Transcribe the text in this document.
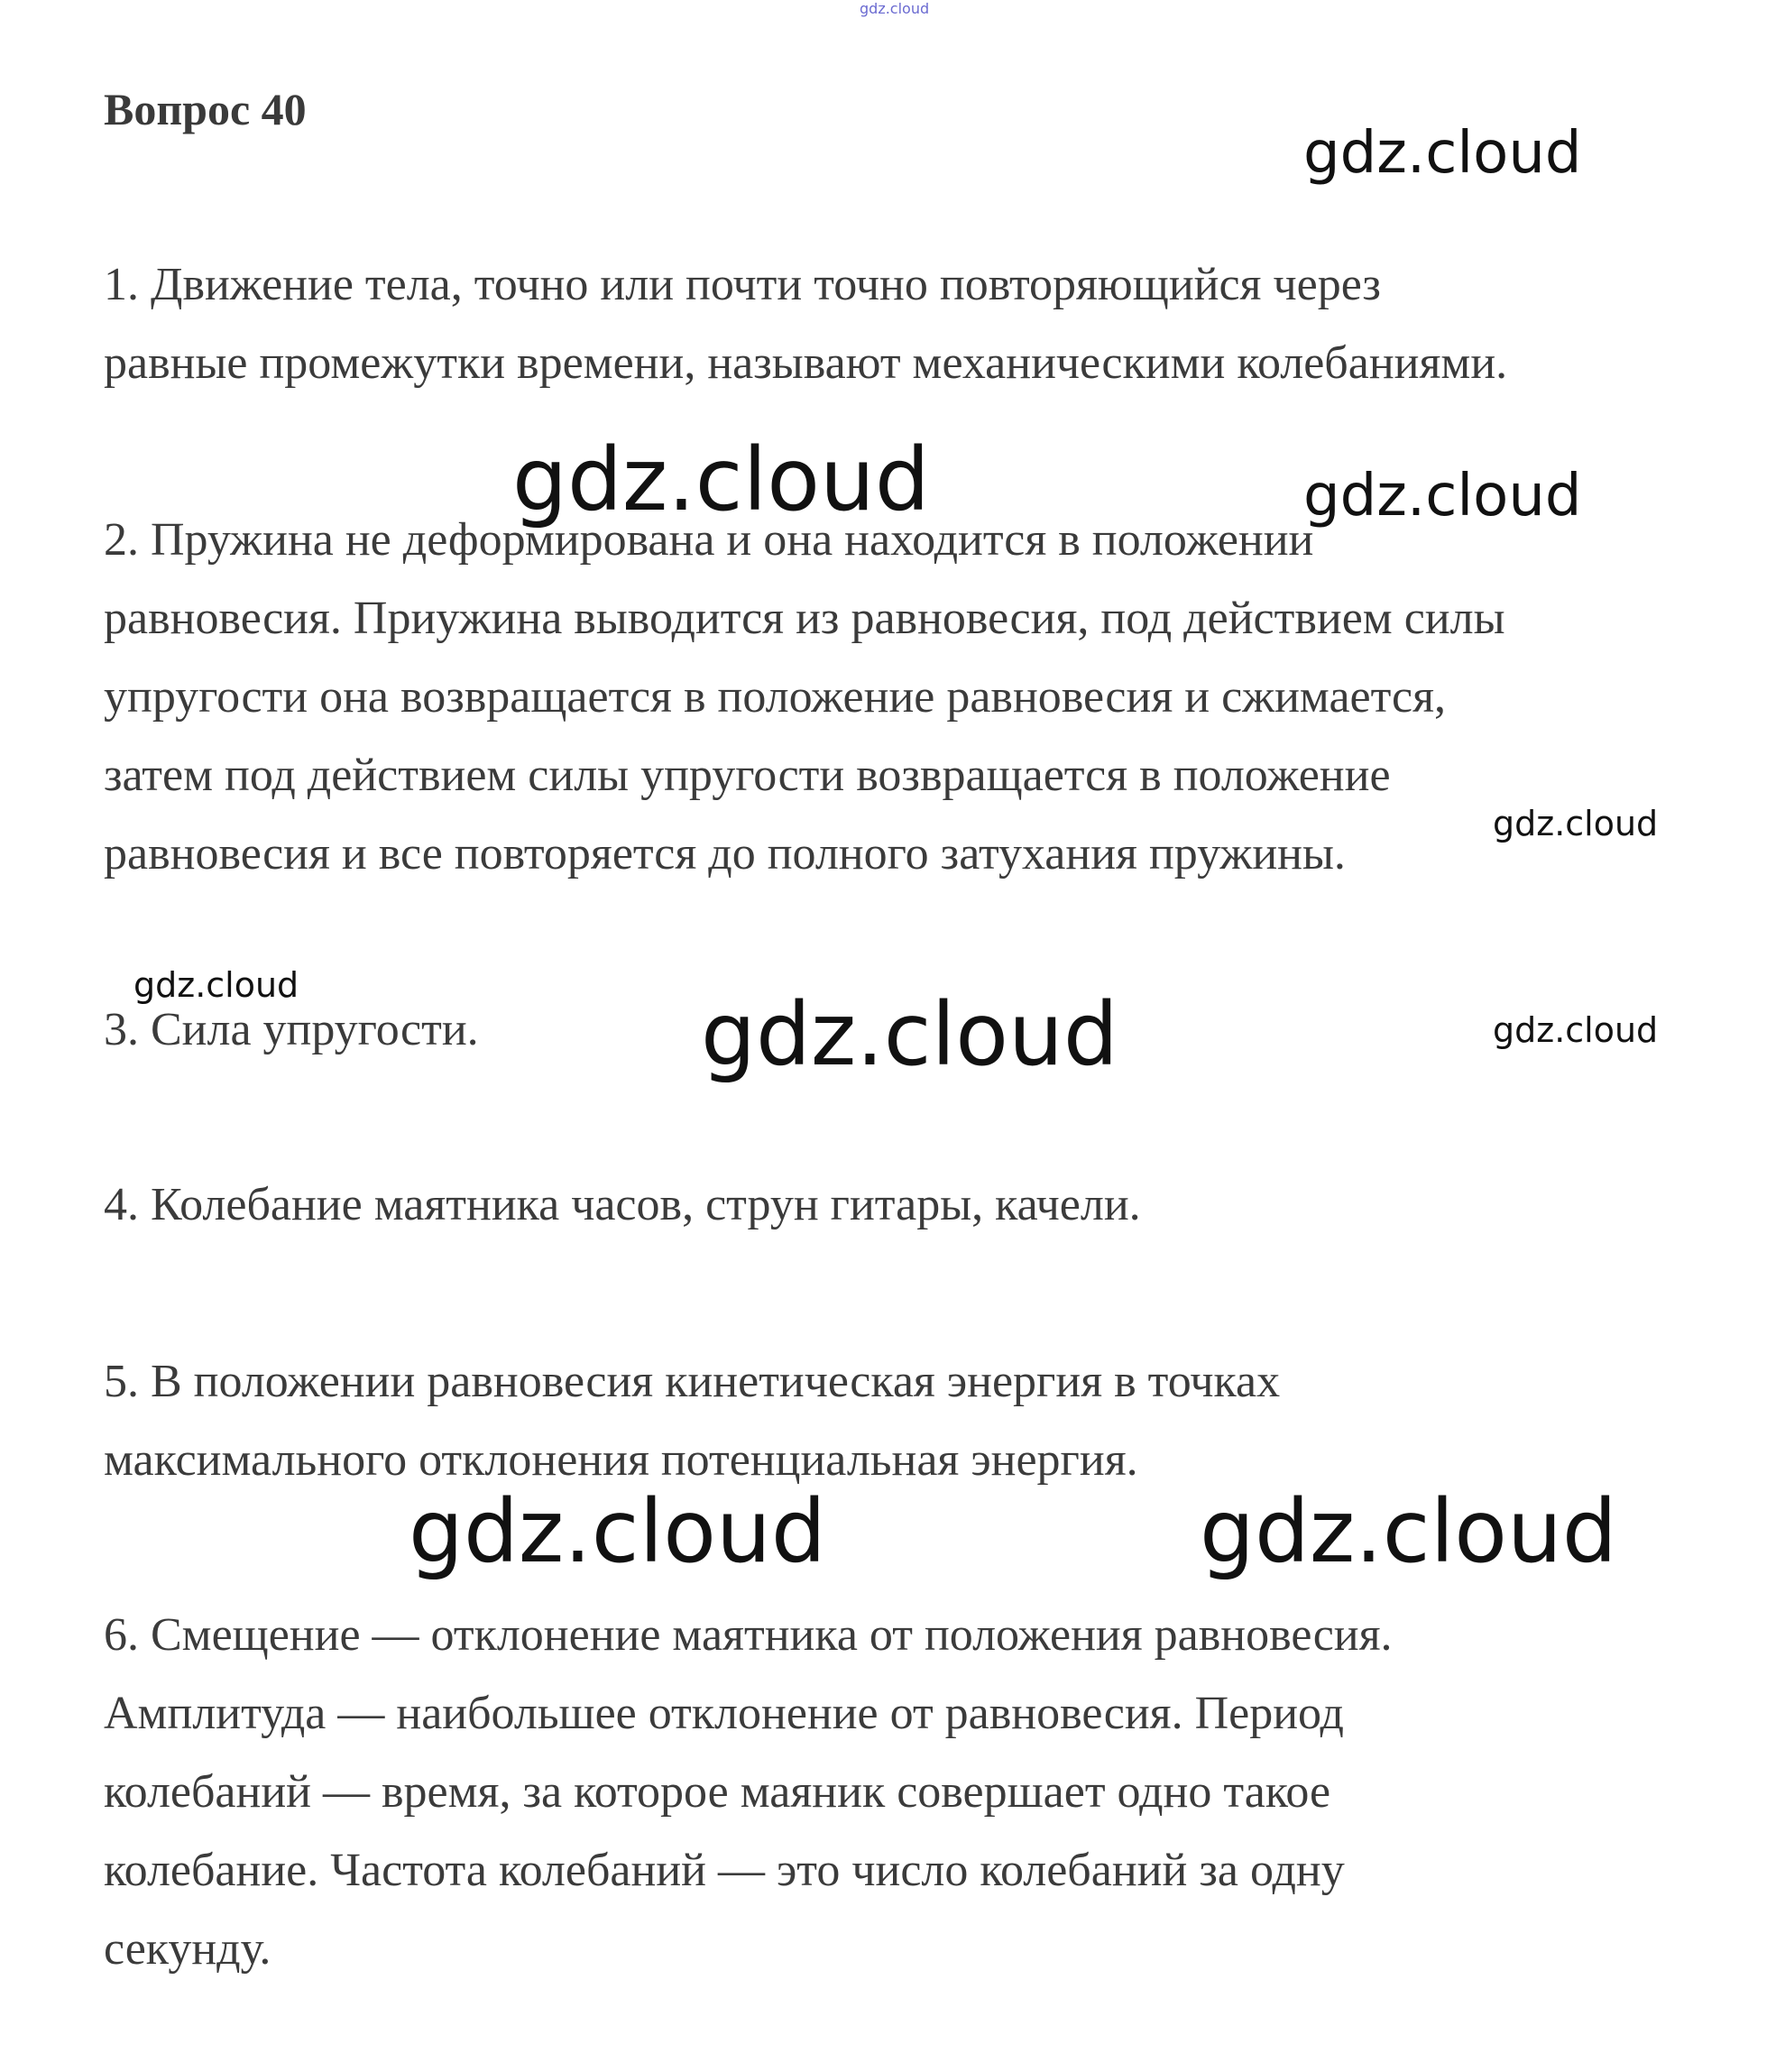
gdz.cloud
Вопрос 40

1. Движение тела, точно или почти точно повторяющийся через
равные промежутки времени, называют механическими колебаниями.

2. Пружина не деформирована и она находится в положении
равновесия. Приужина выводится из равновесия, под действием силы
упругости она возвращается в положение равновесия и сжимается,
затем под действием силы упругости возвращается в положение
равновесия и все повторяется до полного затухания пружины.

3. Сила упругости.

4. Колебание маятника часов, струн гитары, качели.

5. В положении равновесия кинетическая энергия в точках
максимального отклонения потенциальная энергия.

6. Смещение — отклонение маятника от положения равновесия.
Амплитуда — наибольшее отклонение от равновесия. Период
колебаний — время, за которое маяник совершает одно такое
колебание. Частота колебаний — это число колебаний за одну
секунду.

gdz.cloud
gdz.cloud	gdz.cloud
gdz.cloud
gdz.cloud	gdz.cloud	gdz.cloud
gdz.cloud	gdz.cloud
